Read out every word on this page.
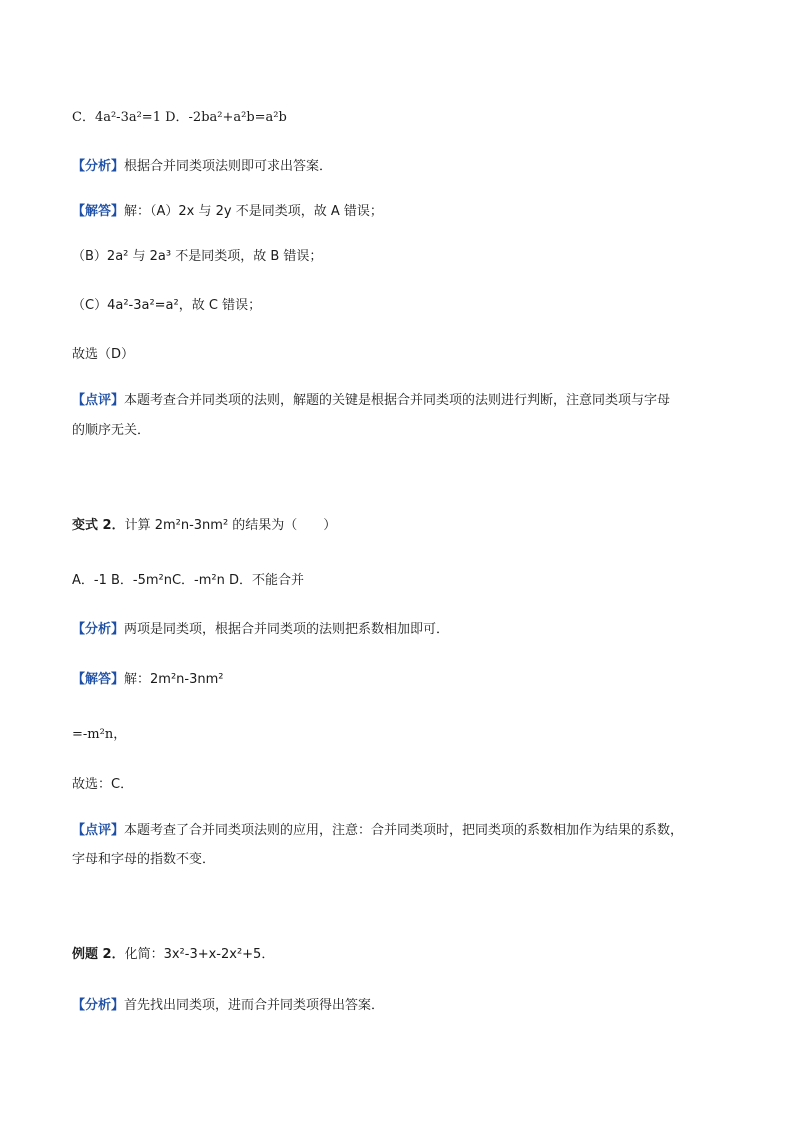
C．4a²-3a²=1 D．-2ba²+a²b=a²b
【分析】根据合并同类项法则即可求出答案．
【解答】解：（A）2x 与 2y 不是同类项，故 A 错误；
（B）2a² 与 2a³ 不是同类项，故 B 错误；
（C）4a²-3a²=a²，故 C 错误；
故选（D）
【点评】本题考查合并同类项的法则，解题的关键是根据合并同类项的法则进行判断，注意同类项与字母
的顺序无关．
变式 2．计算 2m²n-3nm² 的结果为（　　）
A．-1 B．-5m²nC．-m²n D．不能合并
【分析】两项是同类项，根据合并同类项的法则把系数相加即可．
【解答】解：2m²n-3nm²
=-m²n，
故选：C．
【点评】本题考查了合并同类项法则的应用，注意：合并同类项时，把同类项的系数相加作为结果的系数，
字母和字母的指数不变．
例题 2．化简：3x²-3+x-2x²+5．
【分析】首先找出同类项，进而合并同类项得出答案．
